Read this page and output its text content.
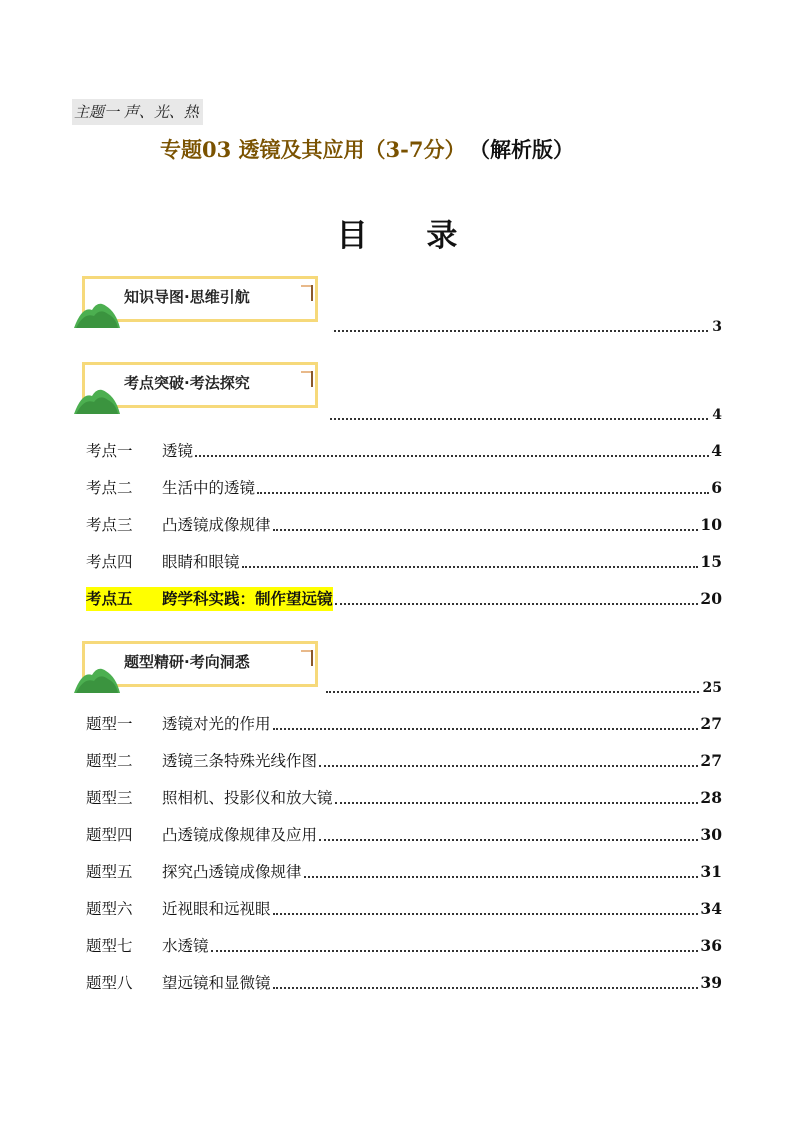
主题一 声、光、热
专题03 透镜及其应用（3-7分） （解析版）
目 录
知识导图·思维引航
3
考点突破·考法探究
4
考点一 透镜	4
考点二 生活中的透镜	6
考点三 凸透镜成像规律	10
考点四 眼睛和眼镜	15
考点五 跨学科实践：制作望远镜	20
题型精研·考向洞悉
25
题型一 透镜对光的作用	27
题型二 透镜三条特殊光线作图	27
题型三 照相机、投影仪和放大镜	28
题型四 凸透镜成像规律及应用	30
题型五 探究凸透镜成像规律	31
题型六 近视眼和远视眼	34
题型七 水透镜	36
题型八 望远镜和显微镜	39
